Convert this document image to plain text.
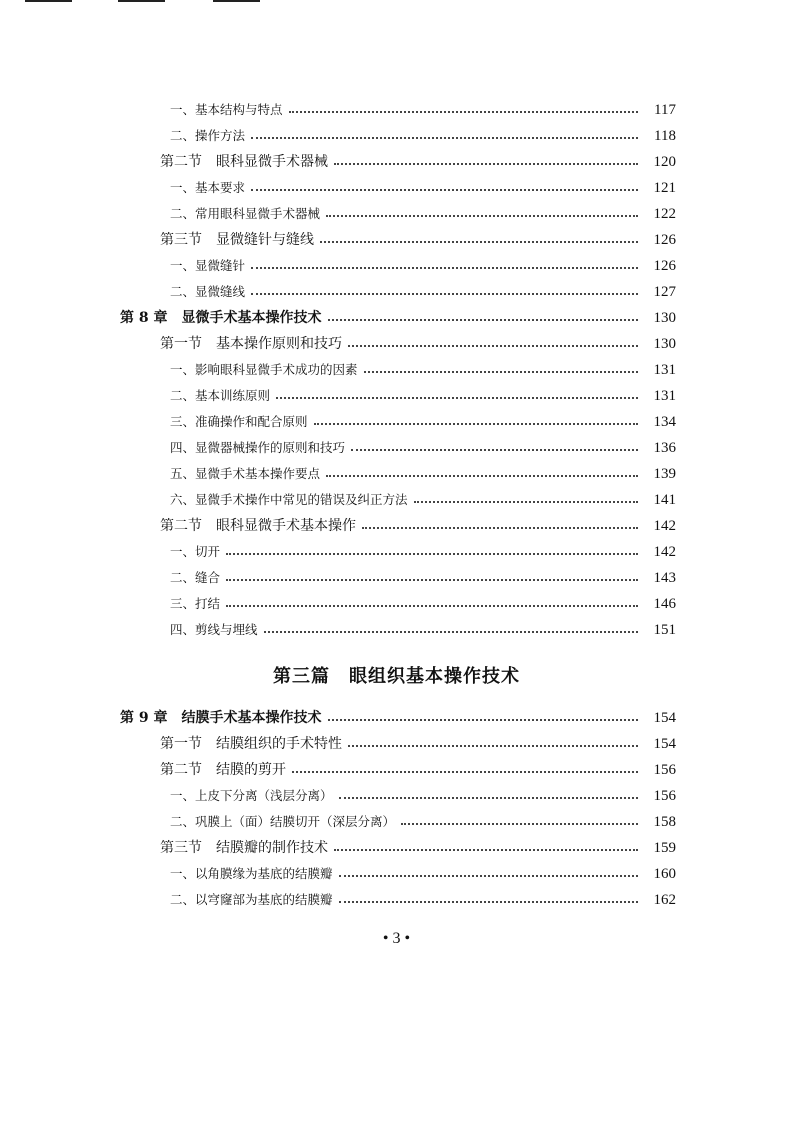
一、基本结构与特点	117
二、操作方法	118
第二节　眼科显微手术器械	120
一、基本要求	121
二、常用眼科显微手术器械	122
第三节　显微缝针与缝线	126
一、显微缝针	126
二、显微缝线	127
第 8 章　显微手术基本操作技术	130
第一节　基本操作原则和技巧	130
一、影响眼科显微手术成功的因素	131
二、基本训练原则	131
三、准确操作和配合原则	134
四、显微器械操作的原则和技巧	136
五、显微手术基本操作要点	139
六、显微手术操作中常见的错误及纠正方法	141
第二节　眼科显微手术基本操作	142
一、切开	142
二、缝合	143
三、打结	146
四、剪线与埋线	151
第三篇　眼组织基本操作技术
第 9 章　结膜手术基本操作技术	154
第一节　结膜组织的手术特性	154
第二节　结膜的剪开	156
一、上皮下分离（浅层分离）	156
二、巩膜上（面）结膜切开（深层分离）	158
第三节　结膜瓣的制作技术	159
一、以角膜缘为基底的结膜瓣	160
二、以穹窿部为基底的结膜瓣	162
• 3 •
